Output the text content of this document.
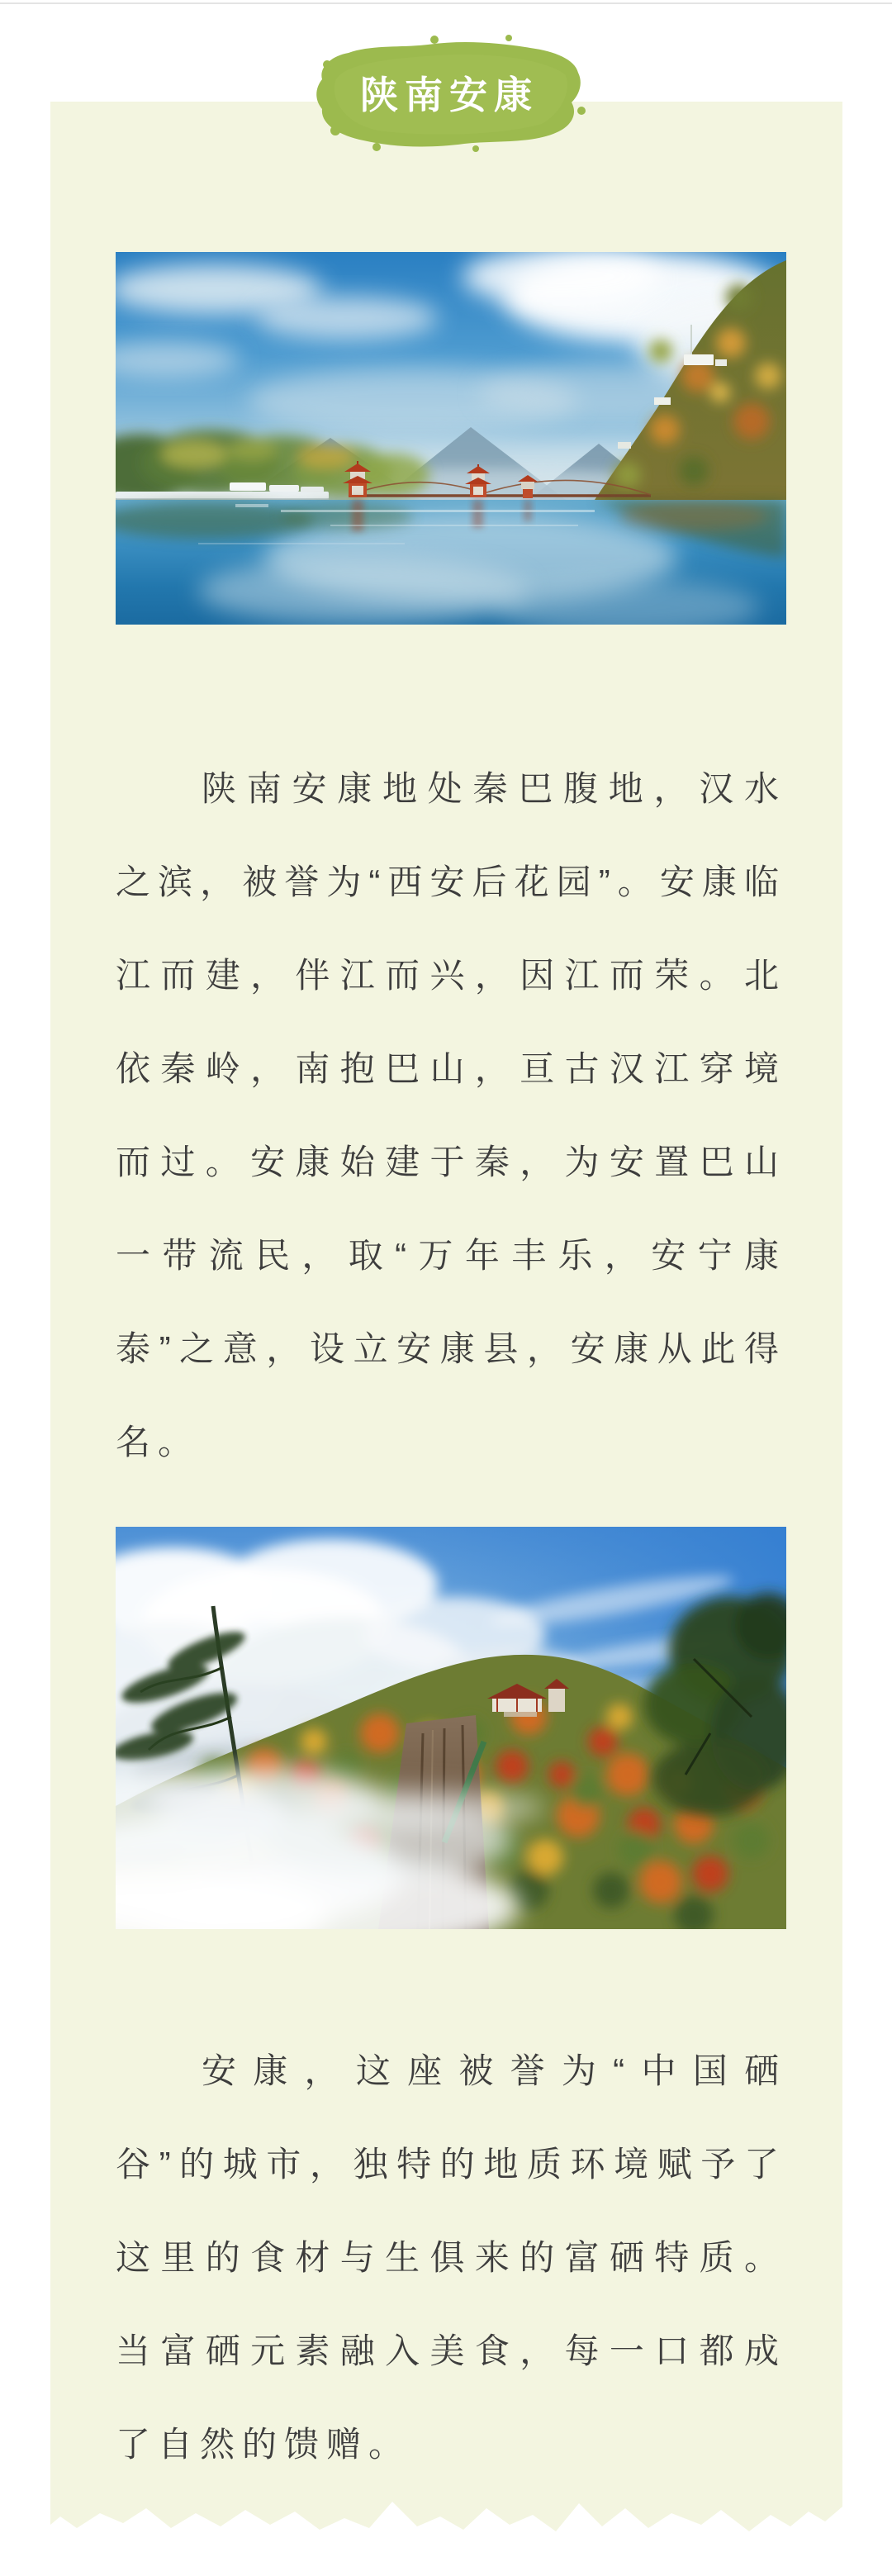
陕南安康

陕南安康地处秦巴腹地，汉水之滨，被誉为“西安后花园”。安康临江而建，伴江而兴，因江而荣。北依秦岭，南抱巴山，亘古汉江穿境而过。安康始建于秦，为安置巴山一带流民，取“万年丰乐，安宁康泰”之意，设立安康县，安康从此得名。

安康，这座被誉为“中国硒谷”的城市，独特的地质环境赋予了这里的食材与生俱来的富硒特质。当富硒元素融入美食，每一口都成了自然的馈赠。
